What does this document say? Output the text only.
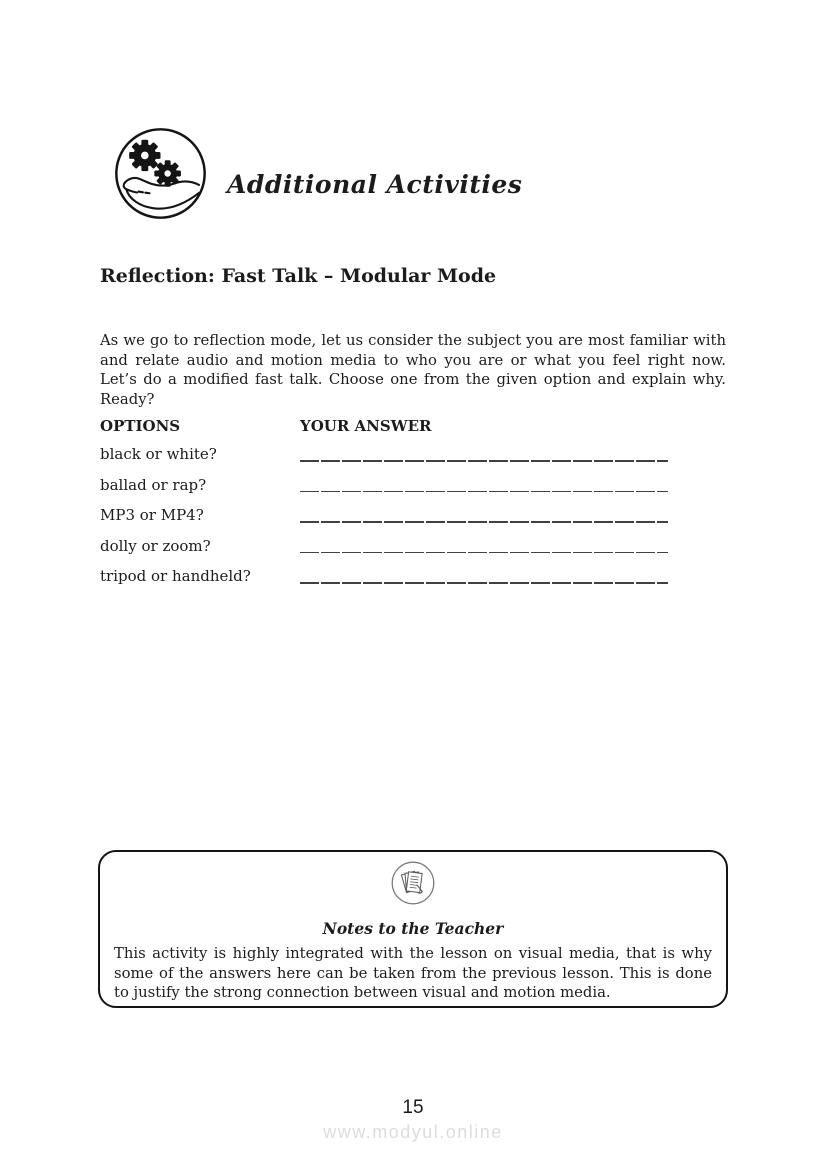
Additional Activities
Reflection: Fast Talk – Modular Mode

As we go to reflection mode, let us consider the subject you are most familiar with and relate audio and motion media to who you are or what you feel right now. Let’s do a modified fast talk. Choose one from the given option and explain why. Ready?

OPTIONS	YOUR ANSWER
black or white?
ballad or rap?
MP3 or MP4?
dolly or zoom?
tripod or handheld?
Notes to the Teacher

This activity is highly integrated with the lesson on visual media, that is why some of the answers here can be taken from the previous lesson. This is done to justify the strong connection between visual and motion media.

15
www.modyul.online
